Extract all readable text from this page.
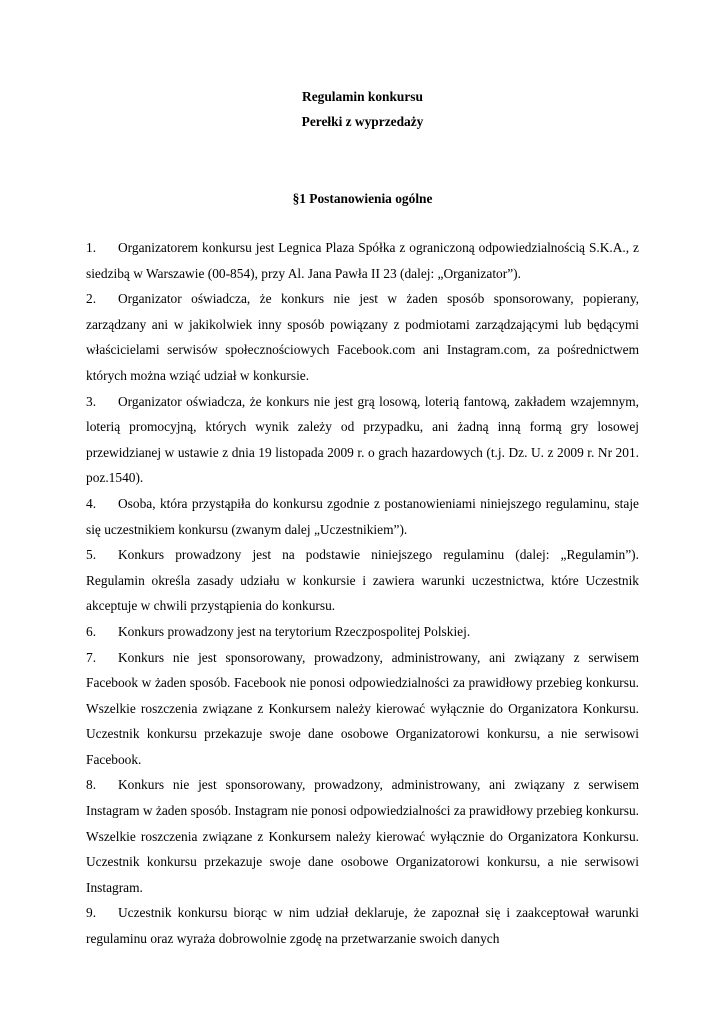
Regulamin konkursu
Perełki z wyprzedaży
§1 Postanowienia ogólne

1. Organizatorem konkursu jest Legnica Plaza Spółka z ograniczoną odpowiedzialnością S.K.A., z siedzibą w Warszawie (00-854), przy Al. Jana Pawła II 23 (dalej: „Organizator”).

2. Organizator oświadcza, że konkurs nie jest w żaden sposób sponsorowany, popierany, zarządzany ani w jakikolwiek inny sposób powiązany z podmiotami zarządzającymi lub będącymi właścicielami serwisów społecznościowych Facebook.com ani Instagram.com, za pośrednictwem których można wziąć udział w konkursie.

3. Organizator oświadcza, że konkurs nie jest grą losową, loterią fantową, zakładem wzajemnym, loterią promocyjną, których wynik zależy od przypadku, ani żadną inną formą gry losowej przewidzianej w ustawie z dnia 19 listopada 2009 r. o grach hazardowych (t.j. Dz. U. z 2009 r. Nr 201. poz.1540).

4. Osoba, która przystąpiła do konkursu zgodnie z postanowieniami niniejszego regulaminu, staje się uczestnikiem konkursu (zwanym dalej „Uczestnikiem”).

5. Konkurs prowadzony jest na podstawie niniejszego regulaminu (dalej: „Regulamin”). Regulamin określa zasady udziału w konkursie i zawiera warunki uczestnictwa, które Uczestnik akceptuje w chwili przystąpienia do konkursu.

6. Konkurs prowadzony jest na terytorium Rzeczpospolitej Polskiej.

7. Konkurs nie jest sponsorowany, prowadzony, administrowany, ani związany z serwisem Facebook w żaden sposób. Facebook nie ponosi odpowiedzialności za prawidłowy przebieg konkursu. Wszelkie roszczenia związane z Konkursem należy kierować wyłącznie do Organizatora Konkursu. Uczestnik konkursu przekazuje swoje dane osobowe Organizatorowi konkursu, a nie serwisowi Facebook.

8. Konkurs nie jest sponsorowany, prowadzony, administrowany, ani związany z serwisem Instagram w żaden sposób. Instagram nie ponosi odpowiedzialności za prawidłowy przebieg konkursu. Wszelkie roszczenia związane z Konkursem należy kierować wyłącznie do Organizatora Konkursu. Uczestnik konkursu przekazuje swoje dane osobowe Organizatorowi konkursu, a nie serwisowi Instagram.

9. Uczestnik konkursu biorąc w nim udział deklaruje, że zapoznał się i zaakceptował warunki regulaminu oraz wyraża dobrowolnie zgodę na przetwarzanie swoich danych
